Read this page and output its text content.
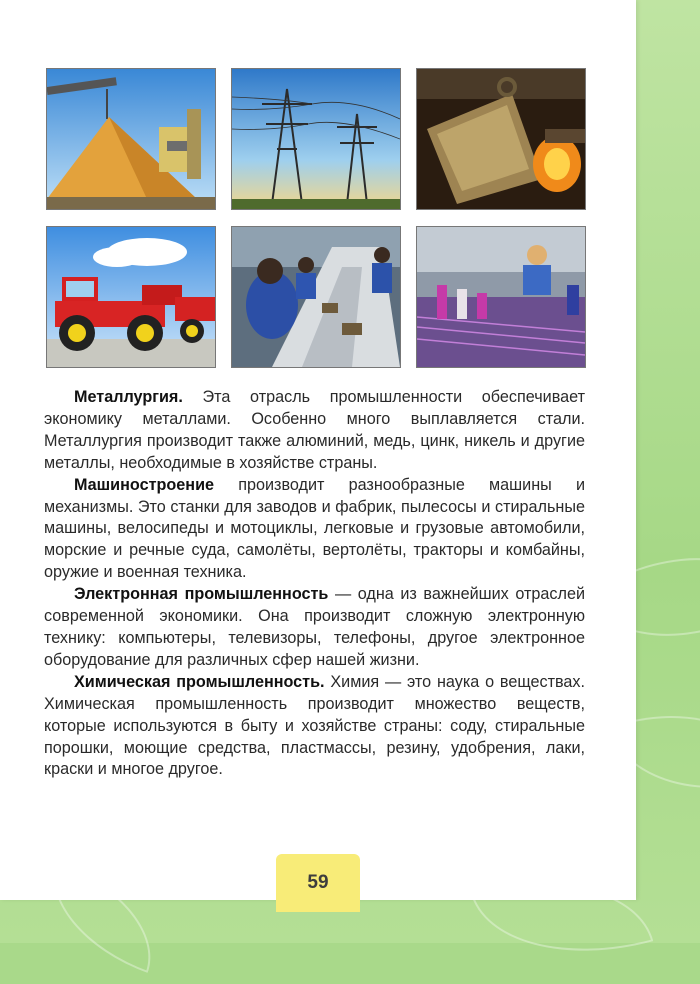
Металлургия. Эта отрасль промышленности обеспечивает экономику металлами. Особенно много выплавляется стали. Металлургия производит также алюминий, медь, цинк, никель и другие металлы, необходимые в хозяйстве страны.

Машиностроение производит разнообразные машины и механизмы. Это станки для заводов и фабрик, пылесосы и стиральные машины, велосипеды и мотоциклы, легковые и грузовые автомобили, морские и речные суда, самолёты, вертолёты, тракторы и комбайны, оружие и военная техника.

Электронная промышленность — одна из важнейших отраслей современной экономики. Она производит сложную электронную технику: компьютеры, телевизоры, телефоны, другое электронное оборудование для различных сфер нашей жизни.

Химическая промышленность. Химия — это наука о веществах. Химическая промышленность производит множество веществ, которые используются в быту и хозяйстве страны: соду, стиральные порошки, моющие средства, пластмассы, резину, удобрения, лаки, краски и многое другое.

59
